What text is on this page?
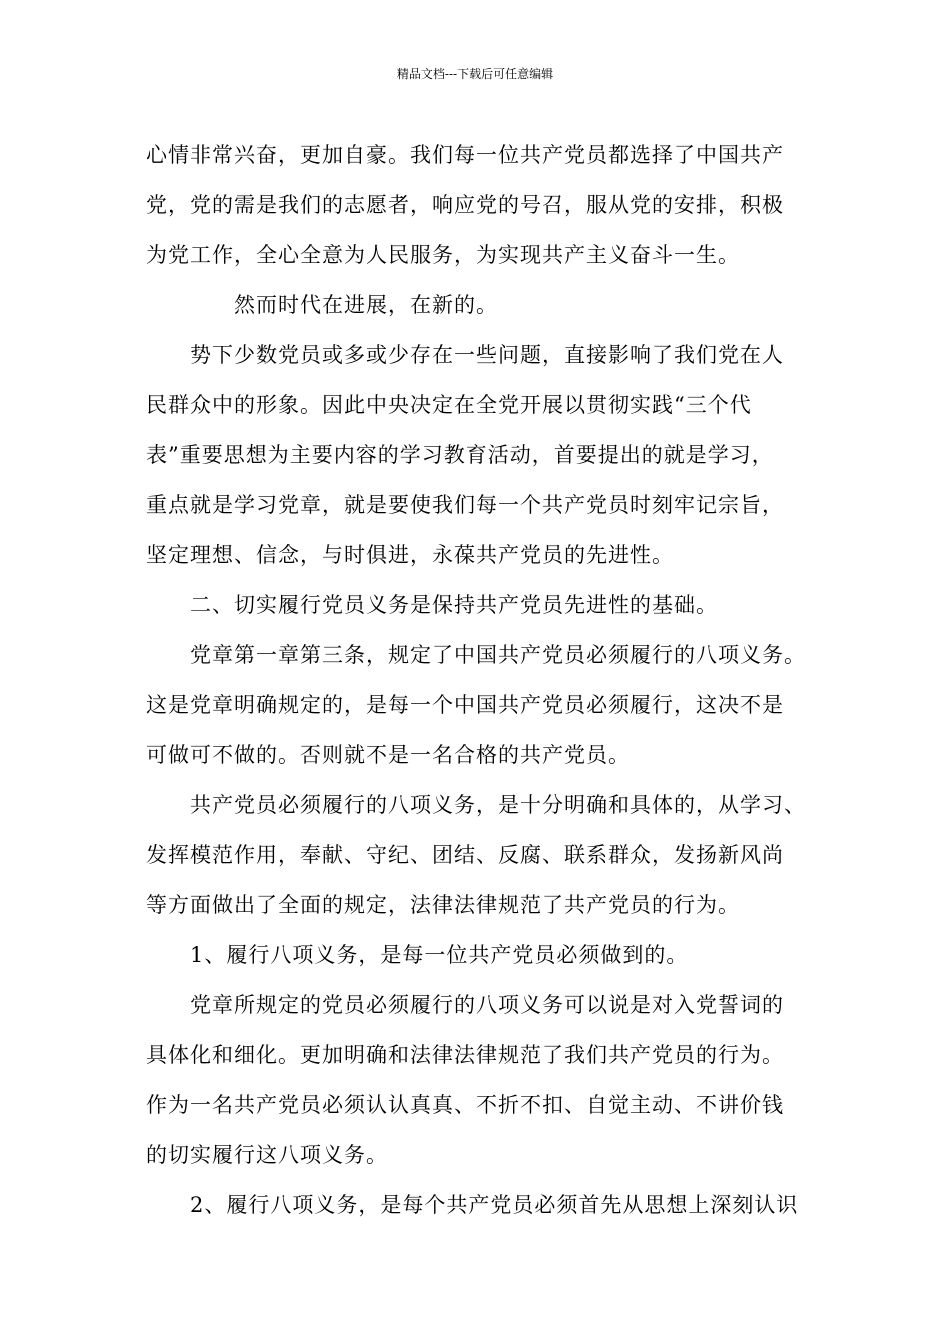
精品文档---下载后可任意编辑
心情非常兴奋，更加自豪。我们每一位共产党员都选择了中国共产
党，党的需是我们的志愿者，响应党的号召，服从党的安排，积极
为党工作，全心全意为人民服务，为实现共产主义奋斗一生。
然而时代在进展，在新的。
势下少数党员或多或少存在一些问题，直接影响了我们党在人
民群众中的形象。因此中央决定在全党开展以贯彻实践“三个代
表”重要思想为主要内容的学习教育活动，首要提出的就是学习，
重点就是学习党章，就是要使我们每一个共产党员时刻牢记宗旨，
坚定理想、信念，与时俱进，永葆共产党员的先进性。
二、切实履行党员义务是保持共产党员先进性的基础。
党章第一章第三条，规定了中国共产党员必须履行的八项义务。
这是党章明确规定的，是每一个中国共产党员必须履行，这决不是
可做可不做的。否则就不是一名合格的共产党员。
共产党员必须履行的八项义务，是十分明确和具体的，从学习、
发挥模范作用，奉献、守纪、团结、反腐、联系群众，发扬新风尚
等方面做出了全面的规定，法律法律规范了共产党员的行为。
1、履行八项义务，是每一位共产党员必须做到的。
党章所规定的党员必须履行的八项义务可以说是对入党誓词的
具体化和细化。更加明确和法律法律规范了我们共产党员的行为。
作为一名共产党员必须认认真真、不折不扣、自觉主动、不讲价钱
的切实履行这八项义务。
2、履行八项义务，是每个共产党员必须首先从思想上深刻认识
